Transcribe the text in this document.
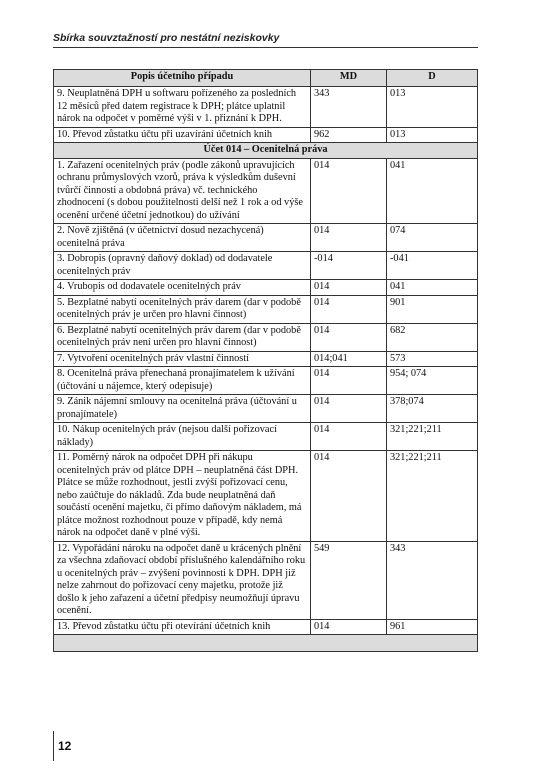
Sbírka souvztažností pro nestátní neziskovky
Popis účetního případu	MD	D
9. Neuplatněná DPH u softwaru pořízeného za posledních 12 měsíců před datem registrace k DPH; plátce uplatnil nárok na odpočet v poměrné výši v 1. přiznání k DPH.	343	013
10. Převod zůstatku účtu při uzavírání účetních knih	962	013
Účet 014 – Ocenitelná práva		
1. Zařazení ocenitelných práv (podle zákonů upravujících ochranu průmyslových vzorů, práva k výsledkům duševní tvůrčí činnosti a obdobná práva) vč. technického zhodnocení (s dobou použitelnosti delší než 1 rok a od výše ocenění určené účetní jednotkou) do užívání	014	041
2. Nově zjištěná (v účetnictví dosud nezachycená) ocenitelná práva	014	074
3. Dobropis (opravný daňový doklad) od dodavatele ocenitelných práv	-014	-041
4. Vrubopis od dodavatele ocenitelných práv	014	041
5. Bezplatné nabytí ocenitelných práv darem (dar v podobě ocenitelných práv je určen pro hlavní činnost)	014	901
6. Bezplatné nabytí ocenitelných práv darem (dar v podobě ocenitelných práv není určen pro hlavní činnost)	014	682
7. Vytvoření ocenitelných práv vlastní činností	014;041	573
8. Ocenitelná práva přenechaná pronajímatelem k užívání (účtování u nájemce, který odepisuje)	014	954; 074
9. Zánik nájemní smlouvy na ocenitelná práva (účtování u pronajímatele)	014	378;074
10. Nákup ocenitelných práv (nejsou další pořizovací náklady)	014	321;221;211
11. Poměrný nárok na odpočet DPH při nákupu ocenitelných práv od plátce DPH – neuplatněná část DPH. Plátce se může rozhodnout, jestli zvýší pořizovací cenu, nebo zaúčtuje do nákladů. Zda bude neuplatněná daň součástí ocenění majetku, či přímo daňovým nákladem, má plátce možnost rozhodnout pouze v případě, kdy nemá nárok na odpočet daně v plné výši.	014	321;221;211
12. Vypořádání nároku na odpočet daně u krácených plnění za všechna zdaňovací období příslušného kalendářního roku u ocenitelných práv – zvýšení povinnosti k DPH. DPH již nelze zahrnout do pořizovací ceny majetku, protože již došlo k jeho zařazení a účetní předpisy neumožňují úpravu ocenění.	549	343
13. Převod zůstatku účtu při otevírání účetních knih	014	961

12
